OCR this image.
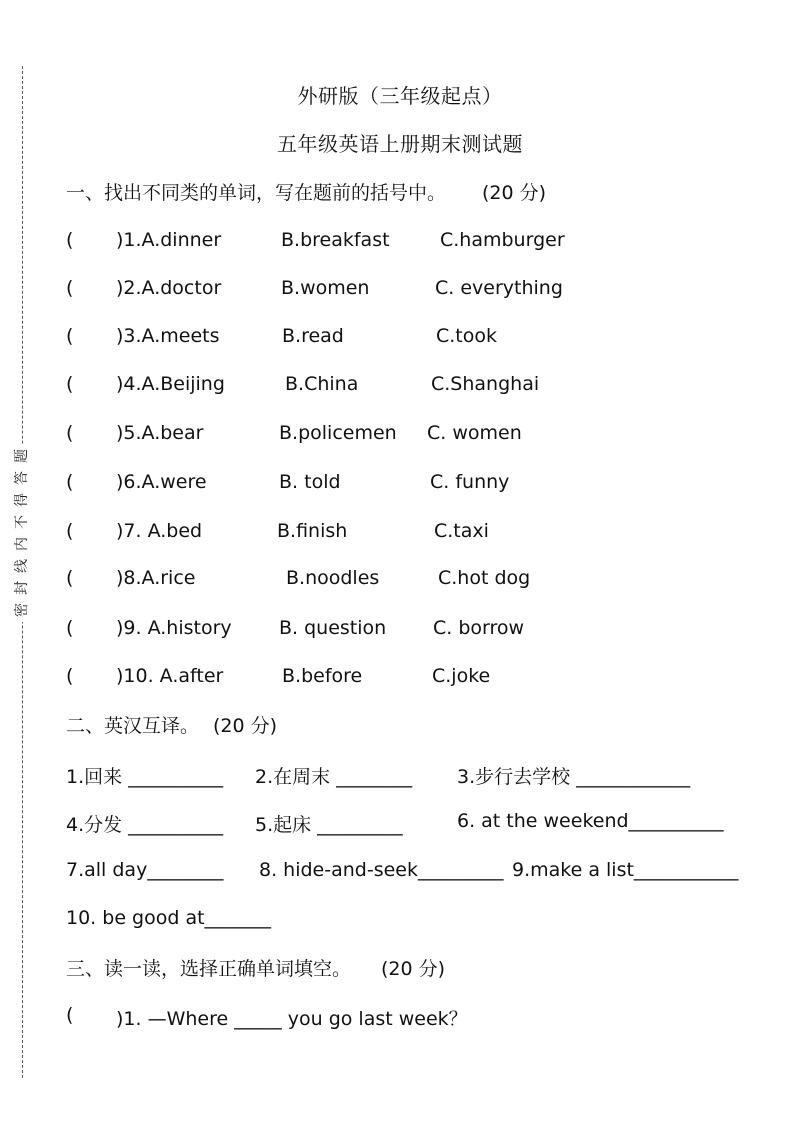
题
答
得
不
内
线
封
密
外研版（三年级起点）
五年级英语上册期末测试题
一、找出不同类的单词，写在题前的括号中。 (20 分)
( )1.A.dinner	B.breakfast	C.hamburger
( )2.A.doctor	B.women	C. everything
( )3.A.meets	B.read	C.took
( )4.A.Beijing	B.China	C.Shanghai
( )5.A.bear	B.policemen C. women
( )6.A.were	B. told	C. funny
( )7. A.bed	B.finish	C.taxi
( )8.A.rice	B.noodles	C.hot dog
( )9. A.history B. question C. borrow
( )10. A.after	B.before	C.joke
二、英汉互译。 (20 分)
1.回来 __________ 2.在周末 ________ 3.步行去学校 ____________
4.分发 __________ 5.起床 _________	6. at the weekend__________
7.all day________ 8. hide-and-seek_________ 9.make a list___________
10. be good at_______
三、读一读，选择正确单词填空。 (20 分)
( )1. —Where _____ you go last week？
